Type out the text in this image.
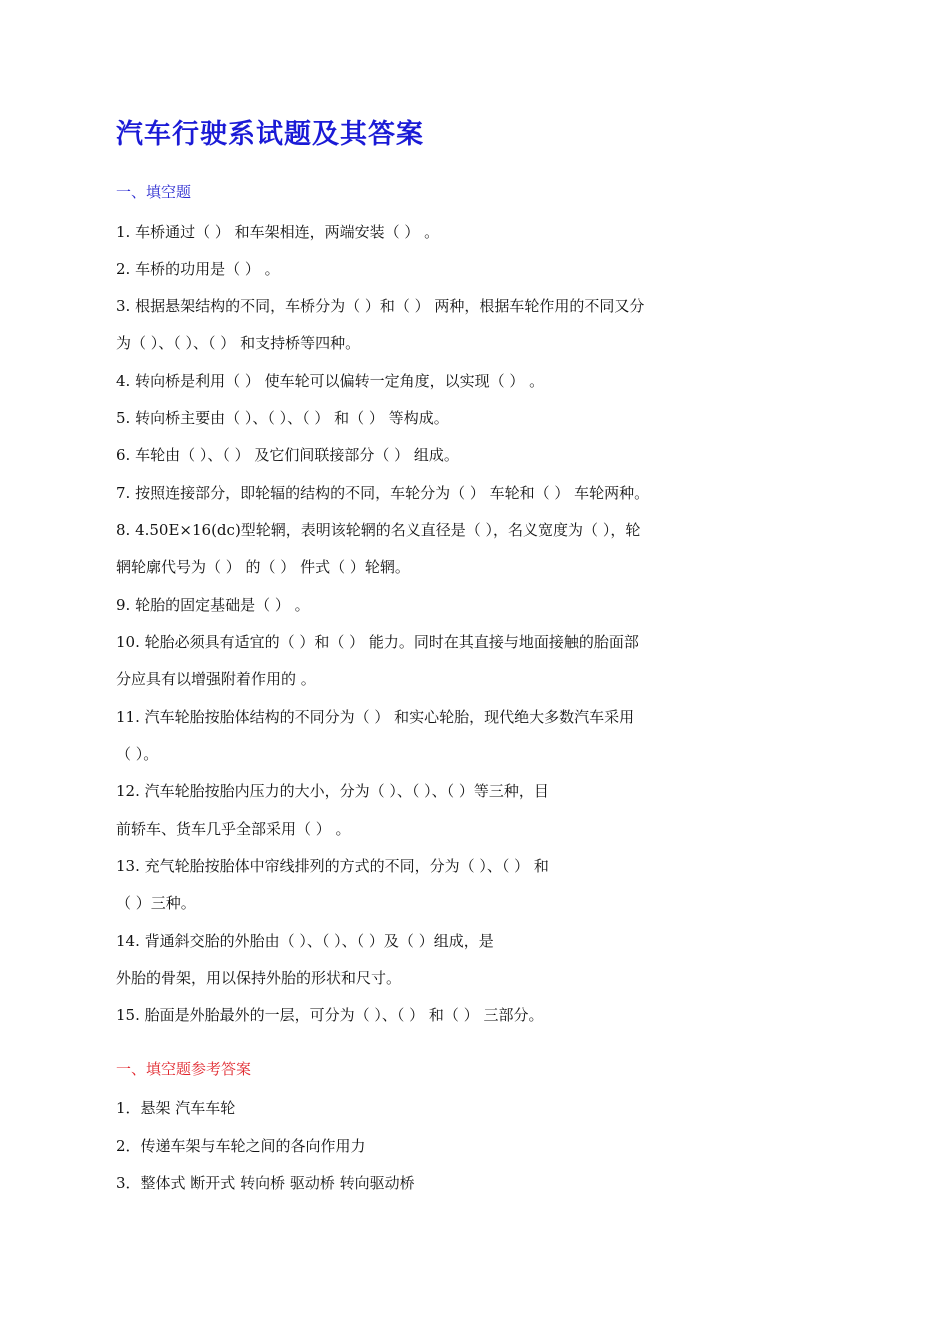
汽车行驶系试题及其答案
一、填空题
1. 车桥通过（ ） 和车架相连，两端安装（ ） 。
2. 车桥的功用是（ ） 。
3. 根据悬架结构的不同，车桥分为（ ）和（ ） 两种，根据车轮作用的不同又分
为（ ）、（ ）、（ ） 和支持桥等四种。
4. 转向桥是利用（ ） 使车轮可以偏转一定角度，以实现（ ） 。
5. 转向桥主要由（ ）、（ ）、（ ） 和（ ） 等构成。
6. 车轮由（ ）、（ ） 及它们间联接部分（ ） 组成。
7. 按照连接部分，即轮辐的结构的不同，车轮分为（ ） 车轮和（ ） 车轮两种。
8. 4.50E×16(dc)型轮辋，表明该轮辋的名义直径是（ ），名义宽度为（ ），轮
辋轮廓代号为（ ） 的（ ） 件式（ ）轮辋。
9. 轮胎的固定基础是（ ） 。
10. 轮胎必须具有适宜的（ ）和（ ） 能力。同时在其直接与地面接触的胎面部
分应具有以增强附着作用的 。
11. 汽车轮胎按胎体结构的不同分为（ ） 和实心轮胎，现代绝大多数汽车采用
（ ）。
12. 汽车轮胎按胎内压力的大小，分为（ ）、（ ）、（ ）等三种，目
前轿车、货车几乎全部采用（ ） 。
13. 充气轮胎按胎体中帘线排列的方式的不同，分为（ ）、（ ） 和
（ ）三种。
14. 背通斜交胎的外胎由（ ）、（ ）、（ ）及（ ）组成，是
外胎的骨架，用以保持外胎的形状和尺寸。
15. 胎面是外胎最外的一层，可分为（ ）、（ ） 和（ ） 三部分。
一、填空题参考答案
1．悬架 汽车车轮
2．传递车架与车轮之间的各向作用力
3．整体式 断开式 转向桥 驱动桥 转向驱动桥
